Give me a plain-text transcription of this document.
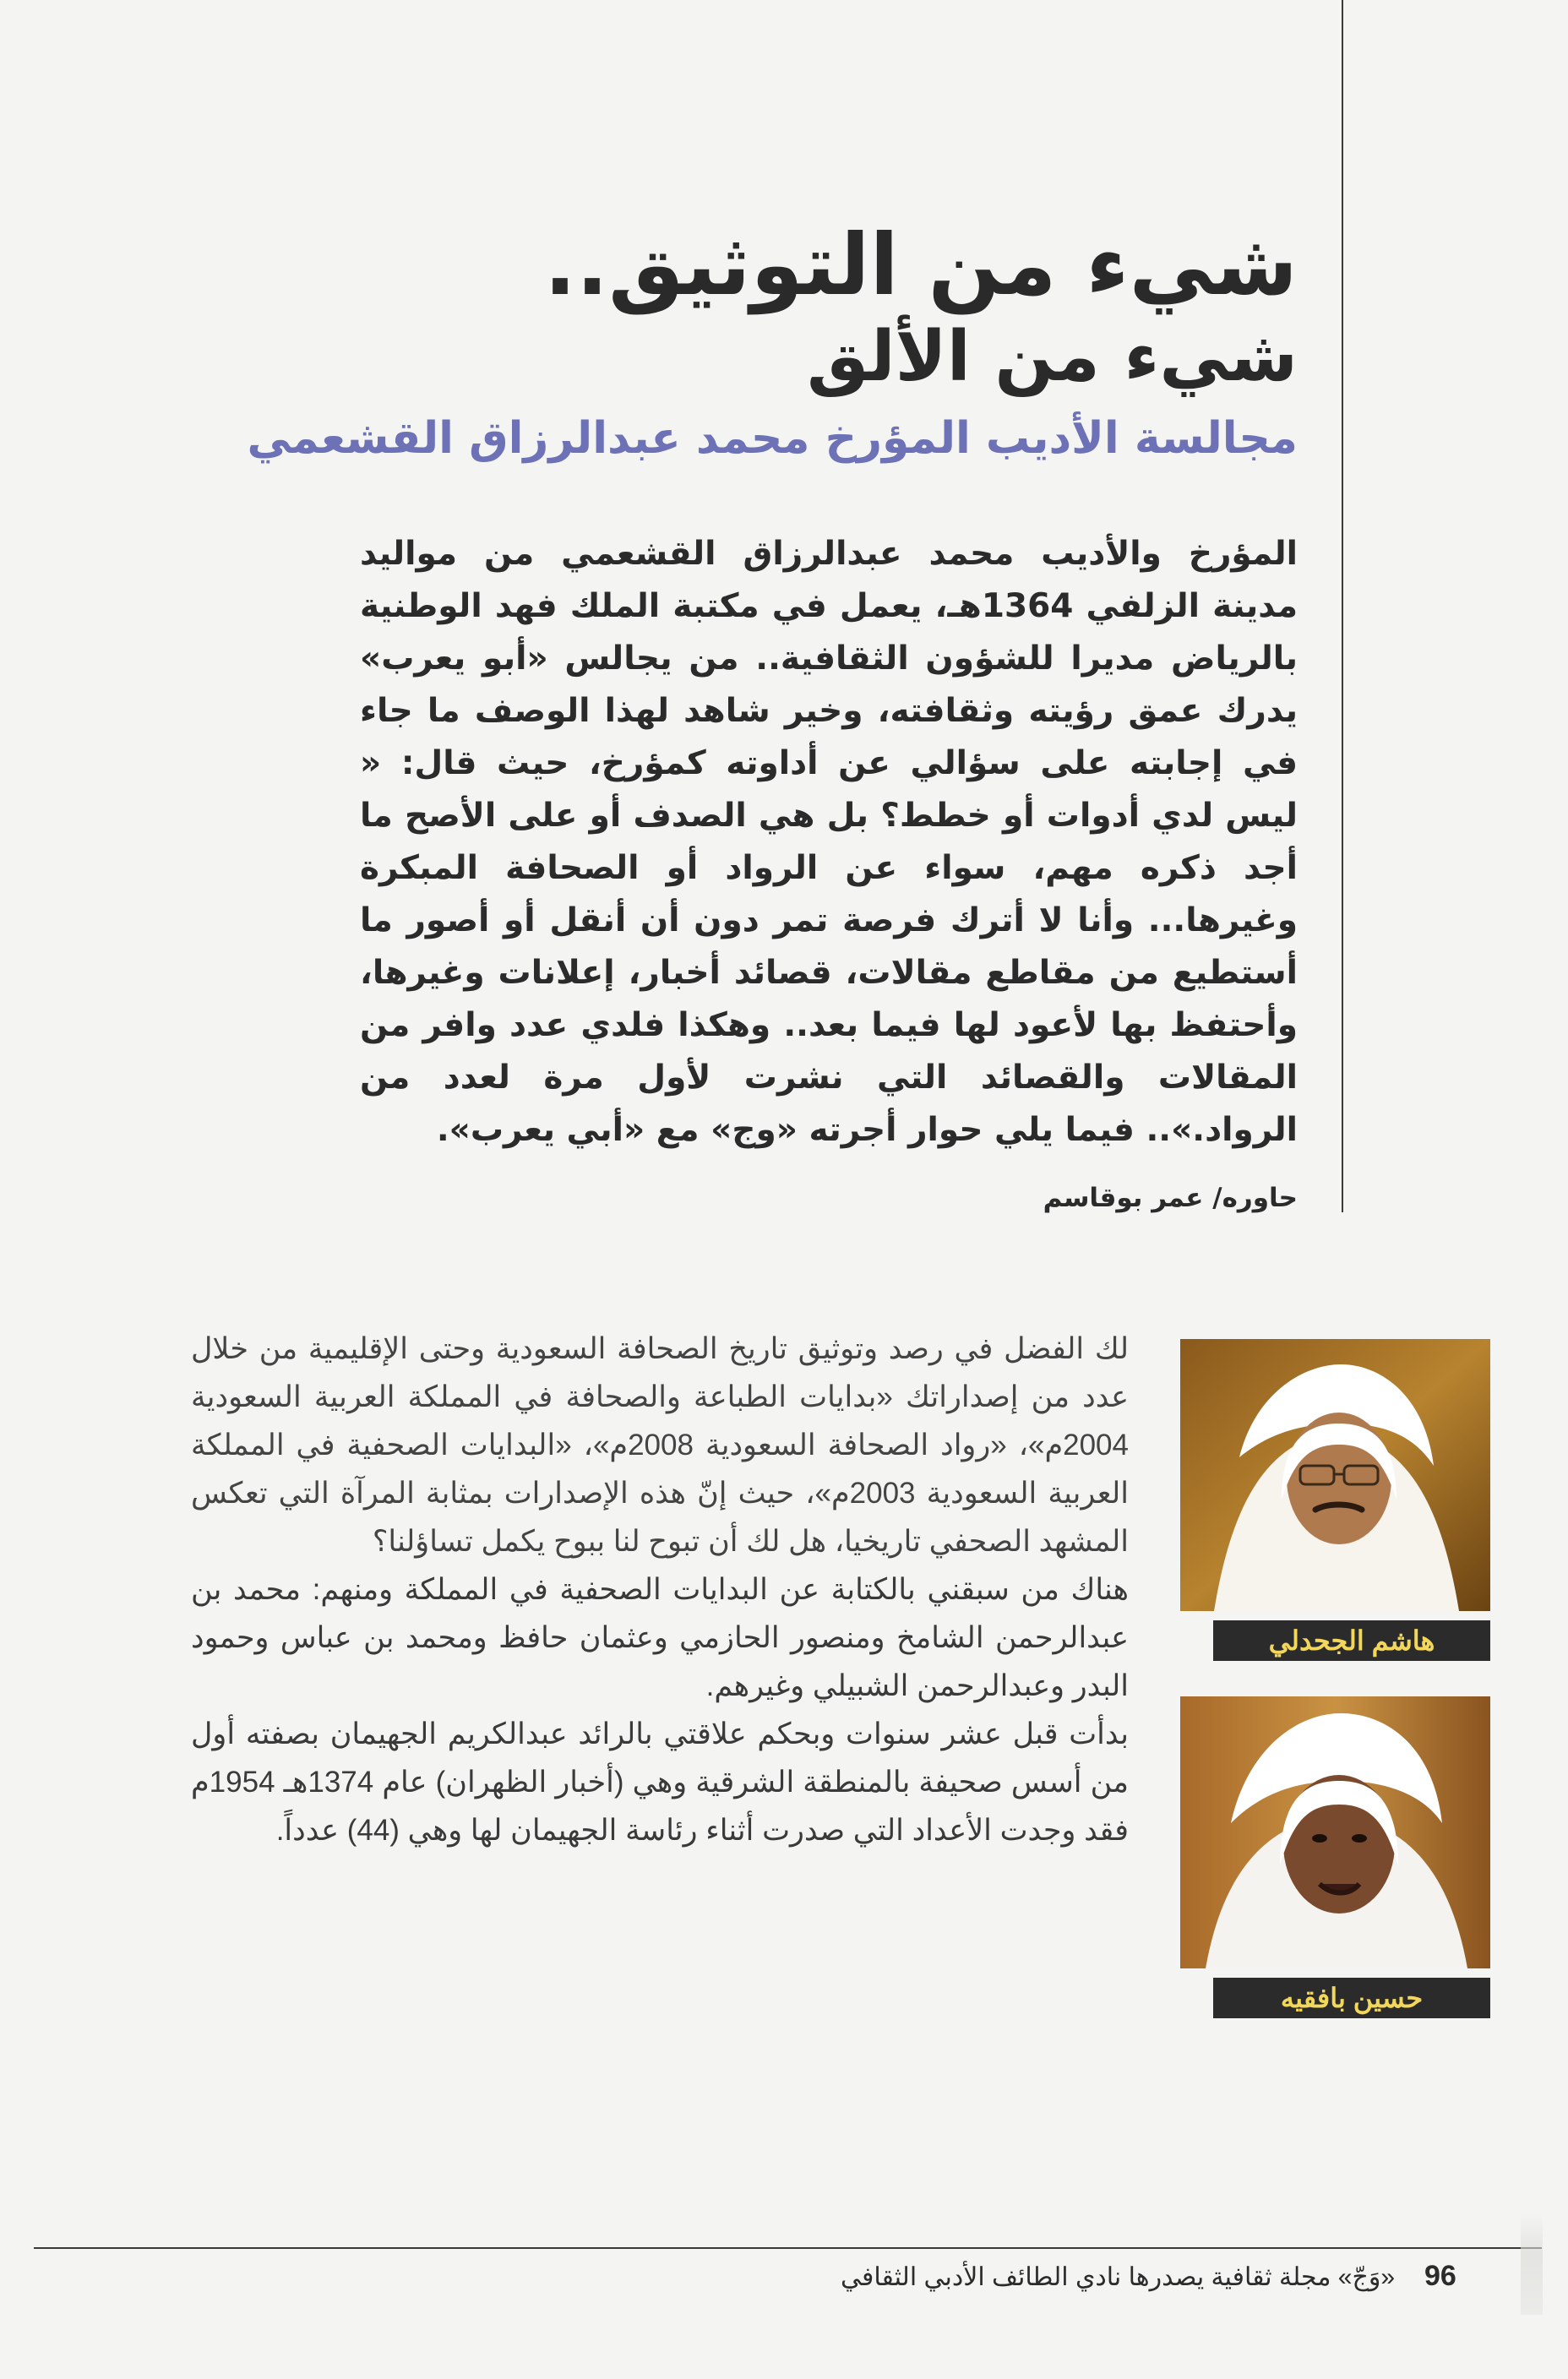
شيء من التوثيق..
شيء من الألق
مجالسة الأديب المؤرخ محمد عبدالرزاق القشعمي

المؤرخ والأديب محمد عبدالرزاق القشعمي من مواليد مدينة الزلفي 1364هـ، يعمل في مكتبة الملك فهد الوطنية بالرياض مديرا للشؤون الثقافية.. من يجالس «أبو يعرب» يدرك عمق رؤيته وثقافته، وخير شاهد لهذا الوصف ما جاء في إجابته على سؤالي عن أداوته كمؤرخ، حيث قال: « ليس لدي أدوات أو خطط؟ بل هي الصدف أو على الأصح ما أجد ذكره مهم، سواء عن الرواد أو الصحافة المبكرة وغيرها... وأنا لا أترك فرصة تمر دون أن أنقل أو أصور ما أستطيع من مقاطع مقالات، قصائد أخبار، إعلانات وغيرها، وأحتفظ بها لأعود لها فيما بعد.. وهكذا فلدي عدد وافر من المقالات والقصائد التي نشرت لأول مرة لعدد من الرواد.».. فيما يلي حوار أجرته «وج» مع «أبي يعرب».

حاوره/ عمر بوقاسم

لك الفضل في رصد وتوثيق تاريخ الصحافة السعودية وحتى الإقليمية من خلال عدد من إصداراتك «بدايات الطباعة والصحافة في المملكة العربية السعودية 2004م»، «رواد الصحافة السعودية 2008م»، «البدايات الصحفية في المملكة العربية السعودية 2003م»، حيث إنّ هذه الإصدارات بمثابة المرآة التي تعكس المشهد الصحفي تاريخيا، هل لك أن تبوح لنا ببوح يكمل تساؤلنا؟

هناك من سبقني بالكتابة عن البدايات الصحفية في المملكة ومنهم: محمد بن عبدالرحمن الشامخ ومنصور الحازمي وعثمان حافظ ومحمد بن عباس وحمود البدر وعبدالرحمن الشبيلي وغيرهم.

بدأت قبل عشر سنوات وبحكم علاقتي بالرائد عبدالكريم الجهيمان بصفته أول من أسس صحيفة بالمنطقة الشرقية وهي (أخبار الظهران) عام 1374هـ 1954م فقد وجدت الأعداد التي صدرت أثناء رئاسة الجهيمان لها وهي (44) عدداً.

هاشم الجحدلي
حسين بافقيه
«وَجّ» مجلة ثقافية يصدرها نادي الطائف الأدبي الثقافي 96
